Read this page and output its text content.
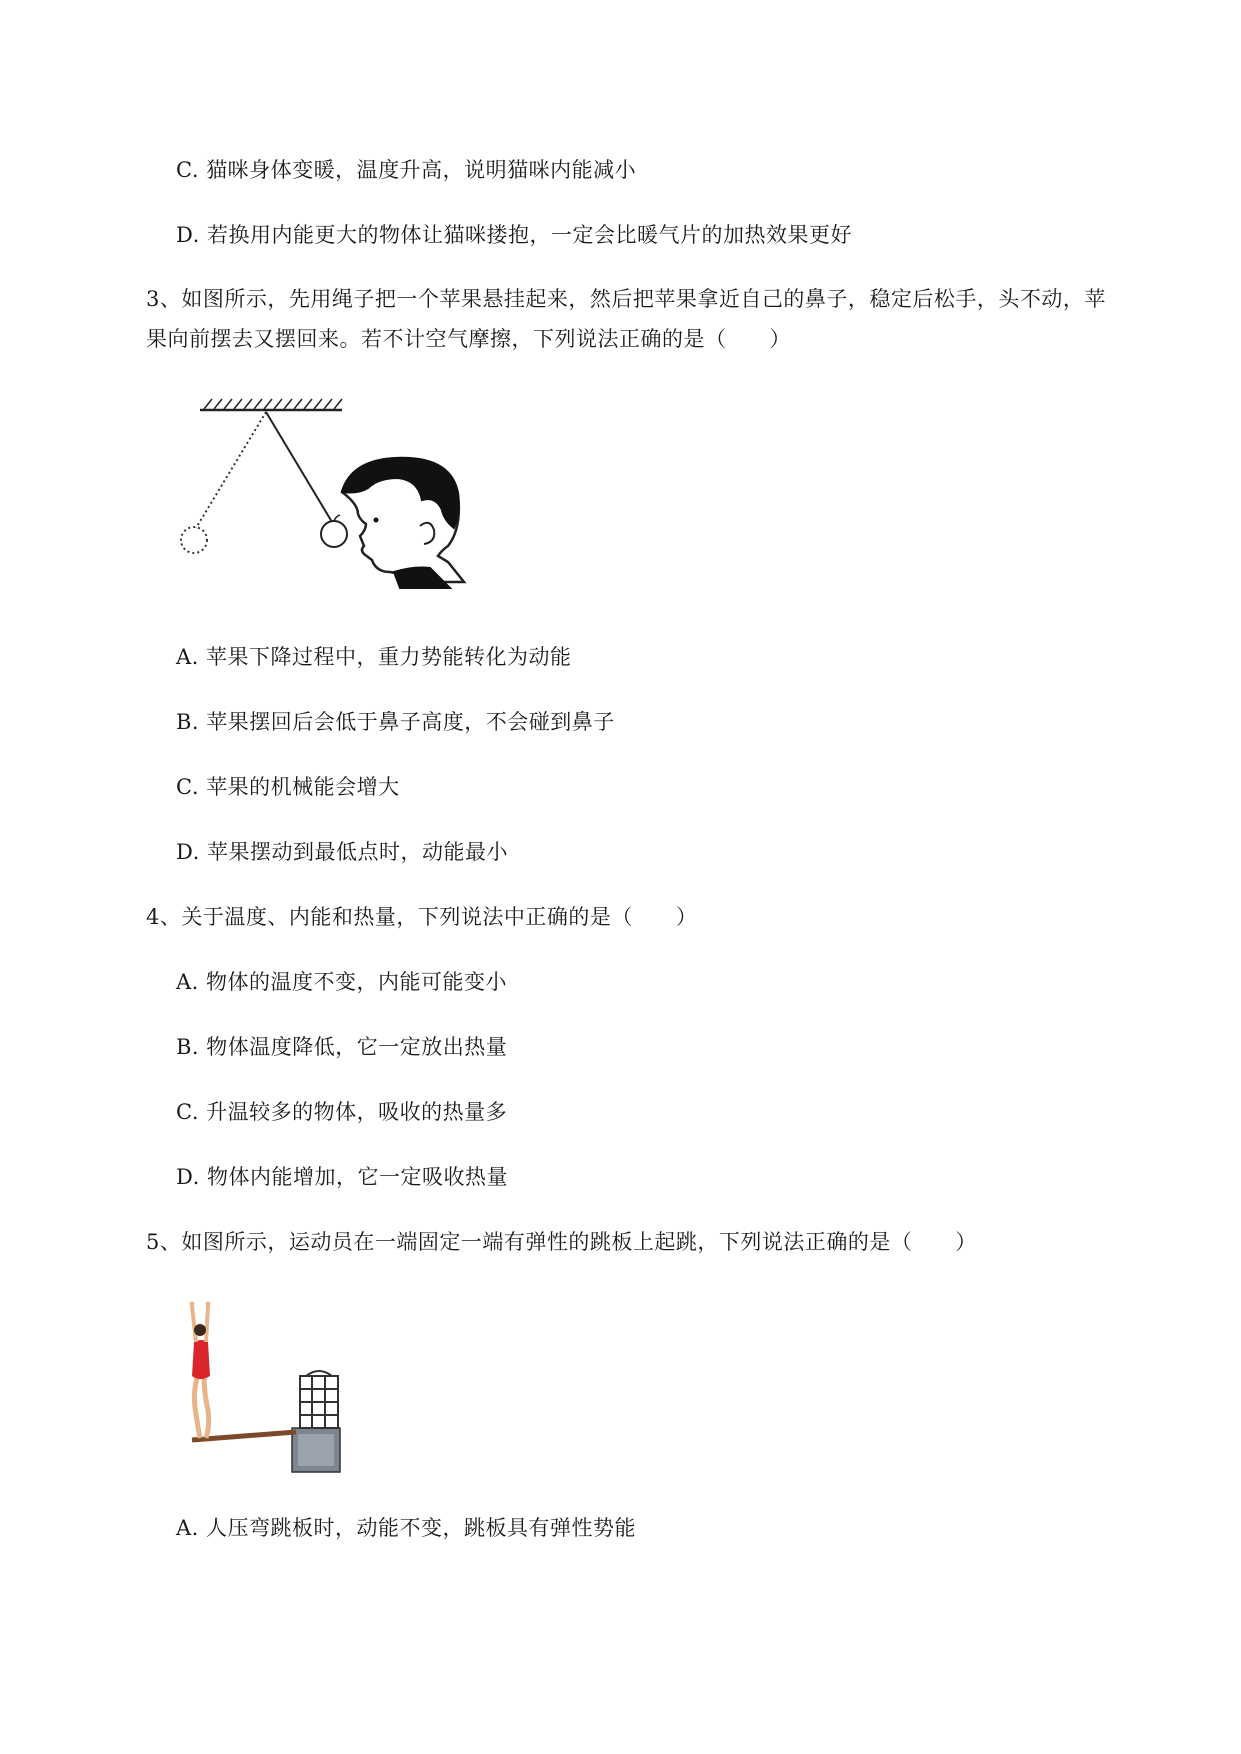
C. 猫咪身体变暖，温度升高，说明猫咪内能减小
D. 若换用内能更大的物体让猫咪搂抱，一定会比暖气片的加热效果更好
3、如图所示，先用绳子把一个苹果悬挂起来，然后把苹果拿近自己的鼻子，稳定后松手，头不动，苹
果向前摆去又摆回来。若不计空气摩擦，下列说法正确的是（　　）
A. 苹果下降过程中，重力势能转化为动能
B. 苹果摆回后会低于鼻子高度，不会碰到鼻子
C. 苹果的机械能会增大
D. 苹果摆动到最低点时，动能最小
4、关于温度、内能和热量，下列说法中正确的是（　　）
A. 物体的温度不变，内能可能变小
B. 物体温度降低，它一定放出热量
C. 升温较多的物体，吸收的热量多
D. 物体内能增加，它一定吸收热量
5、如图所示，运动员在一端固定一端有弹性的跳板上起跳，下列说法正确的是（　　）
A. 人压弯跳板时，动能不变，跳板具有弹性势能
